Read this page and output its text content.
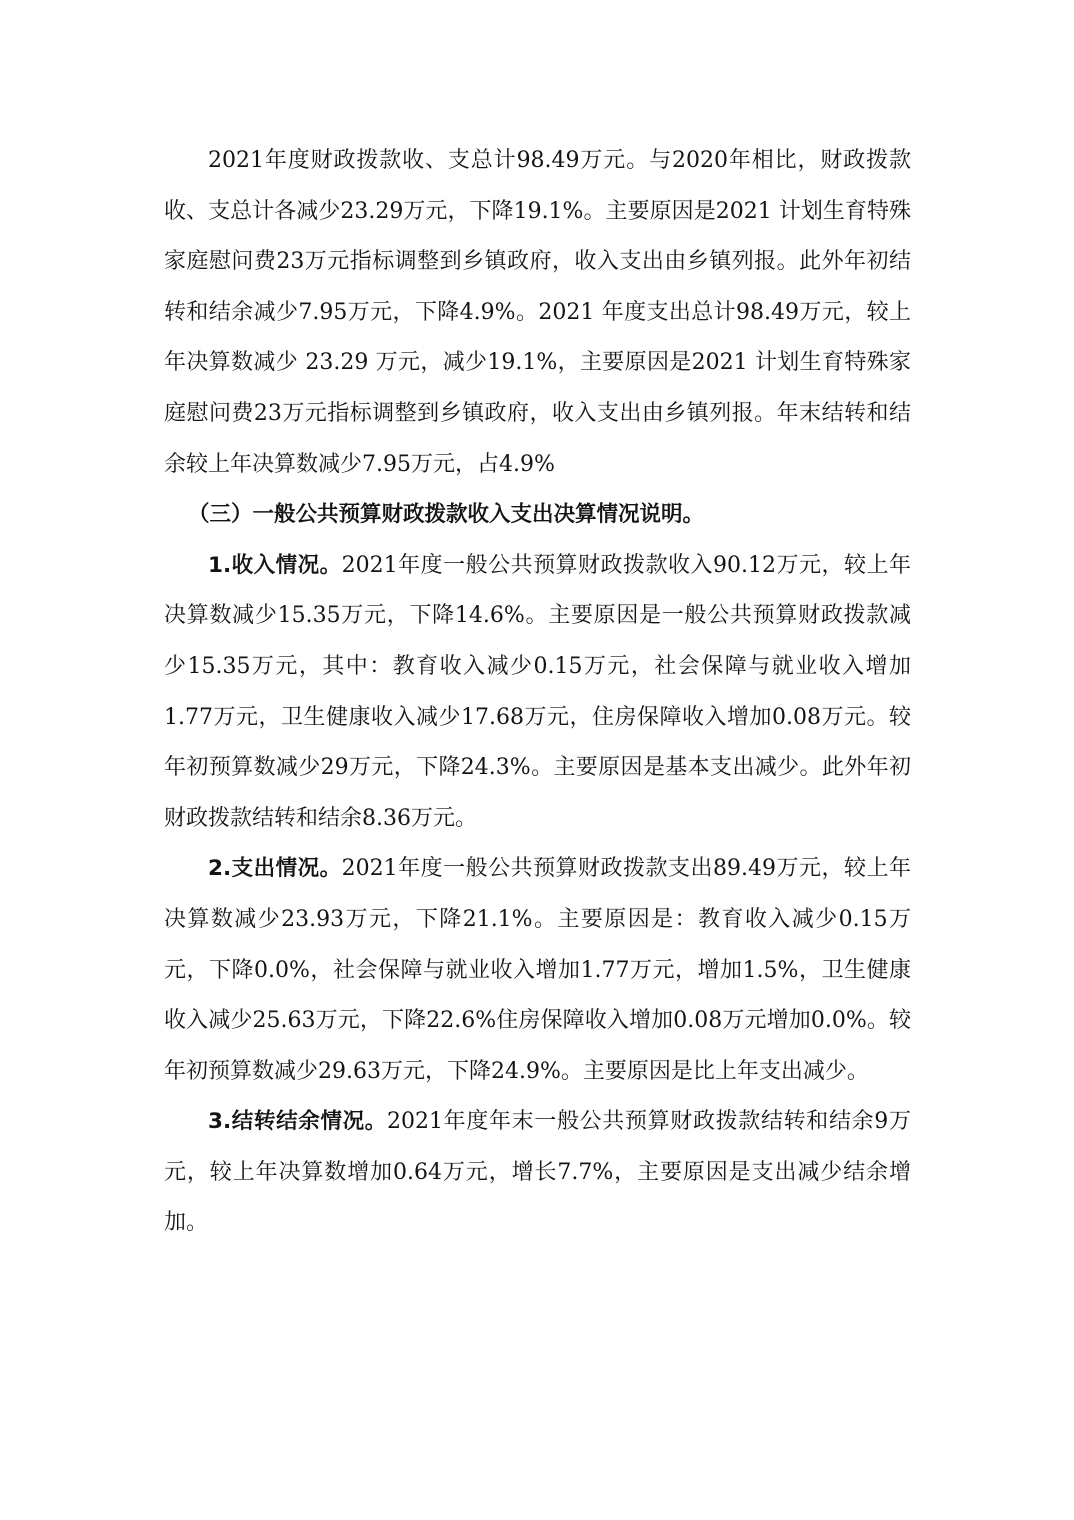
2021年度财政拨款收、支总计98.49万元。与2020年相比，财政拨款收、支总计各减少23.29万元，下降19.1%。主要原因是2021 计划生育特殊家庭慰问费23万元指标调整到乡镇政府，收入支出由乡镇列报。此外年初结转和结余减少7.95万元，下降4.9%。2021 年度支出总计98.49万元，较上年决算数减少 23.29 万元，减少19.1%，主要原因是2021 计划生育特殊家庭慰问费23万元指标调整到乡镇政府，收入支出由乡镇列报。年末结转和结余较上年决算数减少7.95万元，占4.9%

（三）一般公共预算财政拨款收入支出决算情况说明。

1.收入情况。2021年度一般公共预算财政拨款收入90.12万元，较上年决算数减少15.35万元，下降14.6%。主要原因是一般公共预算财政拨款减少15.35万元，其中：教育收入减少0.15万元，社会保障与就业收入增加1.77万元，卫生健康收入减少17.68万元，住房保障收入增加0.08万元。较年初预算数减少29万元，下降24.3%。主要原因是基本支出减少。此外年初财政拨款结转和结余8.36万元。

2.支出情况。2021年度一般公共预算财政拨款支出89.49万元，较上年决算数减少23.93万元，下降21.1%。主要原因是：教育收入减少0.15万元，下降0.0%，社会保障与就业收入增加1.77万元，增加1.5%，卫生健康收入减少25.63万元，下降22.6%住房保障收入增加0.08万元增加0.0%。较年初预算数减少29.63万元，下降24.9%。主要原因是比上年支出减少。

3.结转结余情况。2021年度年末一般公共预算财政拨款结转和结余9万元，较上年决算数增加0.64万元，增长7.7%，主要原因是支出减少结余增加。
